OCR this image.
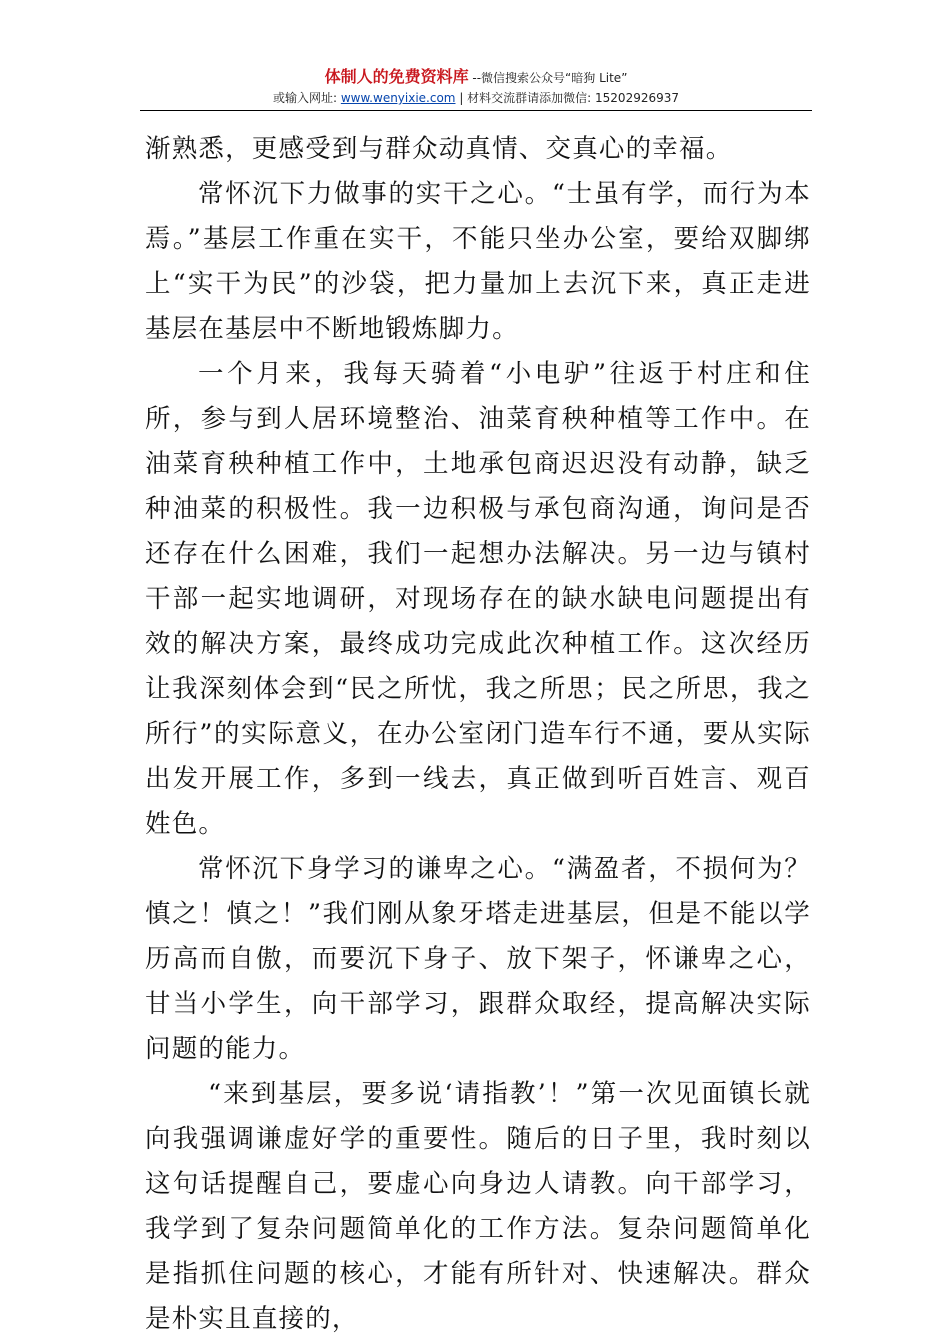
体制人的免费资料库 --微信搜索公众号“暗狗 Lite”
或输入网址: www.wenyixie.com | 材料交流群请添加微信: 15202926937

渐熟悉，更感受到与群众动真情、交真心的幸福。

常怀沉下力做事的实干之心。“士虽有学，而行为本焉。”基层工作重在实干，不能只坐办公室，要给双脚绑上“实干为民”的沙袋，把力量加上去沉下来，真正走进基层在基层中不断地锻炼脚力。

一个月来，我每天骑着“小电驴”往返于村庄和住所，参与到人居环境整治、油菜育秧种植等工作中。在油菜育秧种植工作中，土地承包商迟迟没有动静，缺乏种油菜的积极性。我一边积极与承包商沟通，询问是否还存在什么困难，我们一起想办法解决。另一边与镇村干部一起实地调研，对现场存在的缺水缺电问题提出有效的解决方案，最终成功完成此次种植工作。这次经历让我深刻体会到“民之所忧，我之所思；民之所思，我之所行”的实际意义，在办公室闭门造车行不通，要从实际出发开展工作，多到一线去，真正做到听百姓言、观百姓色。

常怀沉下身学习的谦卑之心。“满盈者，不损何为？慎之！慎之！”我们刚从象牙塔走进基层，但是不能以学历高而自傲，而要沉下身子、放下架子，怀谦卑之心，甘当小学生，向干部学习，跟群众取经，提高解决实际问题的能力。

“来到基层，要多说‘请指教’！”第一次见面镇长就向我强调谦虚好学的重要性。随后的日子里，我时刻以这句话提醒自己，要虚心向身边人请教。向干部学习，我学到了复杂问题简单化的工作方法。复杂问题简单化是指抓住问题的核心，才能有所针对、快速解决。群众是朴实且直接的，
